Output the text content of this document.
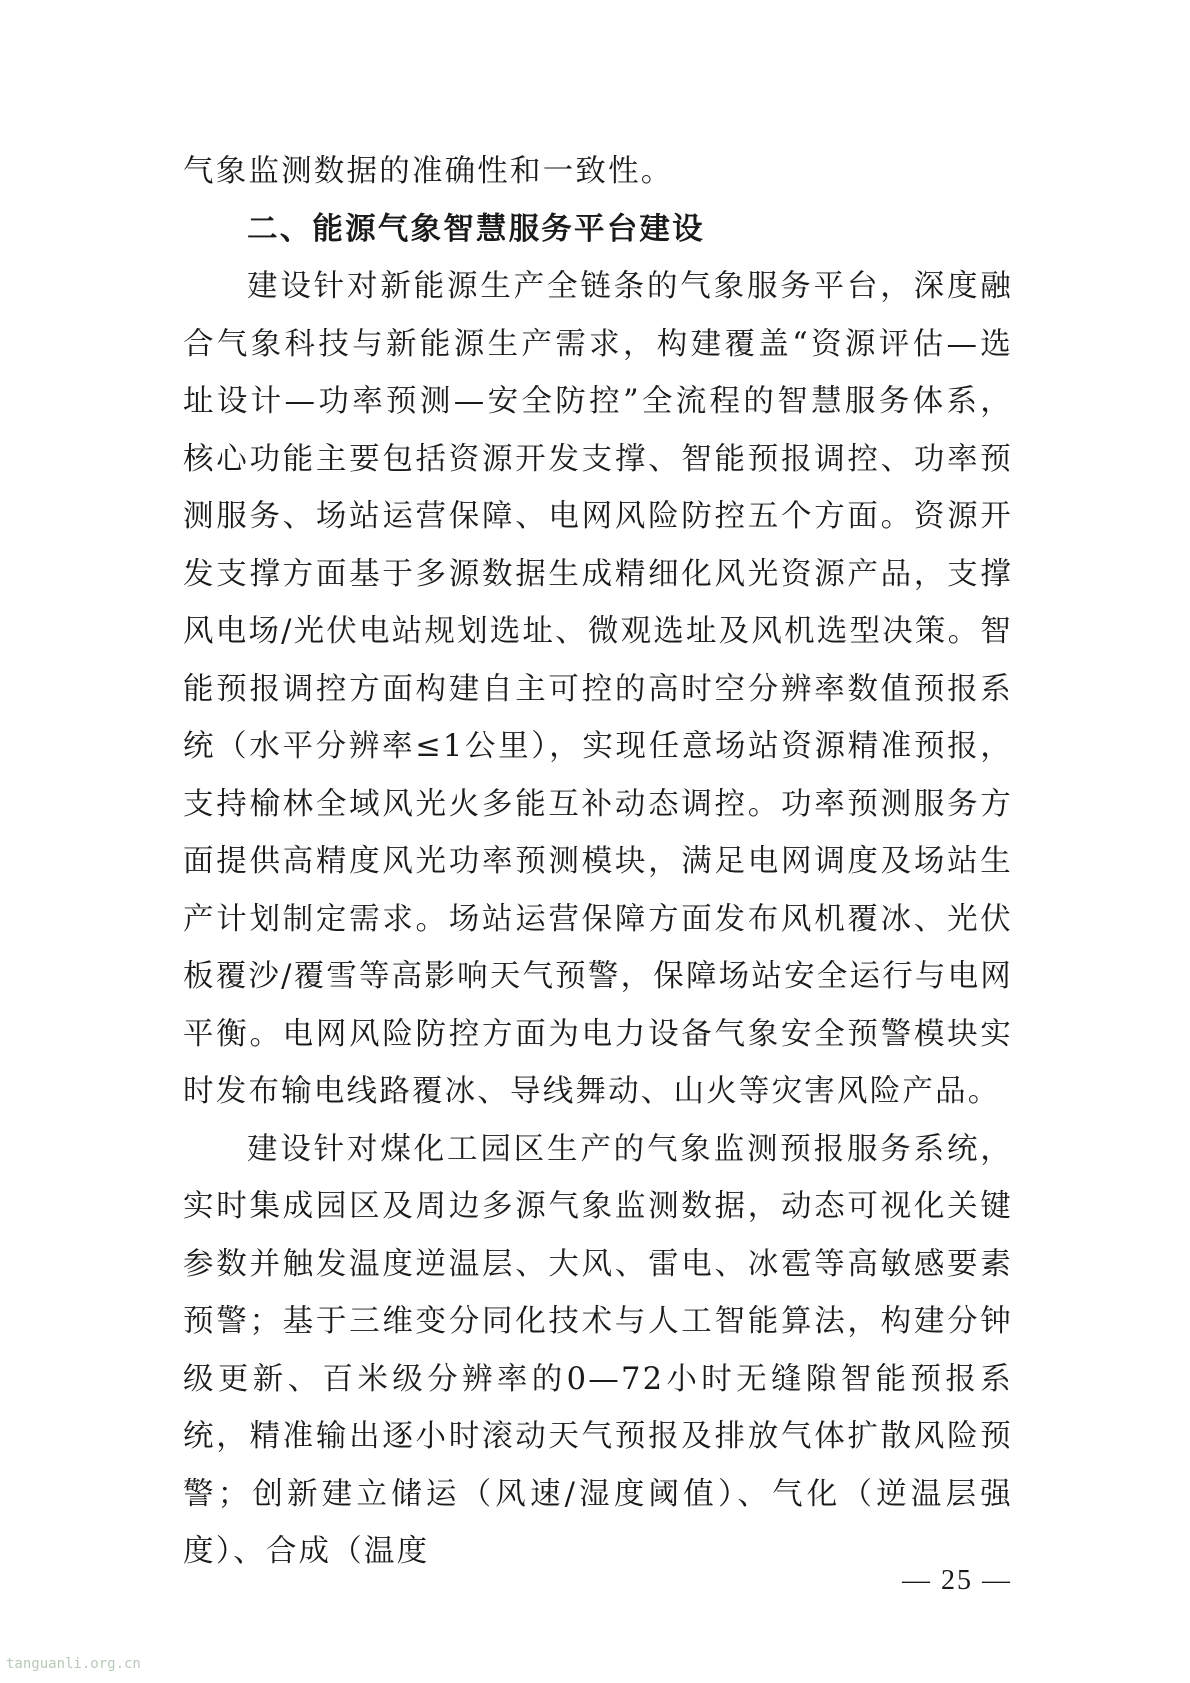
气象监测数据的准确性和一致性。

二、能源气象智慧服务平台建设

建设针对新能源生产全链条的气象服务平台，深度融合气象科技与新能源生产需求，构建覆盖“资源评估—选址设计—功率预测—安全防控”全流程的智慧服务体系，核心功能主要包括资源开发支撑、智能预报调控、功率预测服务、场站运营保障、电网风险防控五个方面。资源开发支撑方面基于多源数据生成精细化风光资源产品，支撑风电场/光伏电站规划选址、微观选址及风机选型决策。智能预报调控方面构建自主可控的高时空分辨率数值预报系统（水平分辨率≤1公里），实现任意场站资源精准预报，支持榆林全域风光火多能互补动态调控。功率预测服务方面提供高精度风光功率预测模块，满足电网调度及场站生产计划制定需求。场站运营保障方面发布风机覆冰、光伏板覆沙/覆雪等高影响天气预警，保障场站安全运行与电网平衡。电网风险防控方面为电力设备气象安全预警模块实时发布输电线路覆冰、导线舞动、山火等灾害风险产品。

建设针对煤化工园区生产的气象监测预报服务系统，实时集成园区及周边多源气象监测数据，动态可视化关键参数并触发温度逆温层、大风、雷电、冰雹等高敏感要素预警；基于三维变分同化技术与人工智能算法，构建分钟级更新、百米级分辨率的0—72小时无缝隙智能预报系统，精准输出逐小时滚动天气预报及排放气体扩散风险预警；创新建立储运（风速/湿度阈值）、气化（逆温层强度）、合成（温度

— 25 —
tanguanli.org.cn
